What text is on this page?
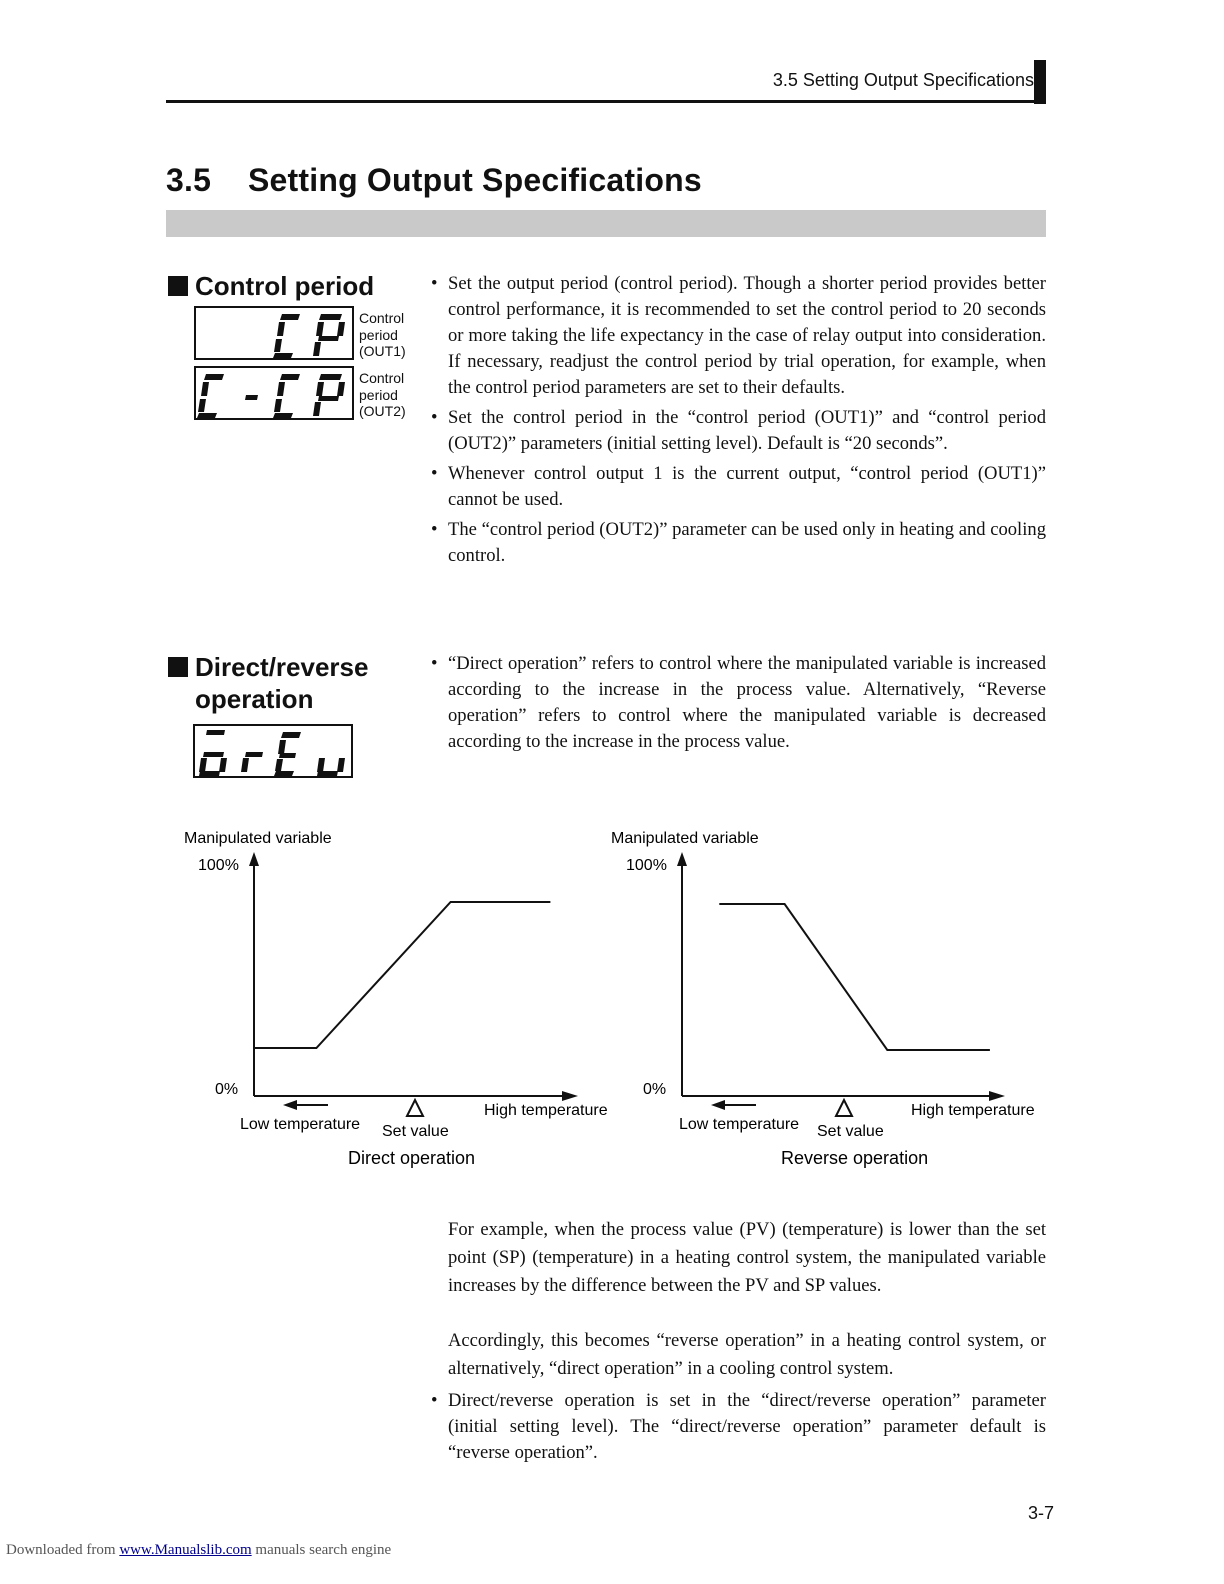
3.5 Setting Output Specifications
3.5 Setting Output Specifications
Control period
Control
period
(OUT1)
Control
period
(OUT2)
• Set the output period (control period). Though a shorter period provides better control performance, it is recommended to set the control period to 20 seconds or more taking the life expectancy in the case of relay output into consideration. If necessary, readjust the control period by trial operation, for example, when the control period parameters are set to their defaults.
• Set the control period in the “control period (OUT1)” and “control period (OUT2)” parameters (initial setting level). Default is “20 seconds”.
• Whenever control output 1 is the current output, “control period (OUT1)” cannot be used.
• The “control period (OUT2)” parameter can be used only in heating and cooling control.
Direct/reverse
operation
• “Direct operation” refers to control where the manipulated variable is increased according to the increase in the process value. Alternatively, “Reverse operation” refers to control where the manipulated variable is decreased according to the increase in the process value.
Manipulated variable
100%
0%
Low temperature Set value
High temperature
Direct operation
Manipulated variable
100%
0%
Low temperature Set value
High temperature
Reverse operation

For example, when the process value (PV) (temperature) is lower than the set point (SP) (temperature) in a heating control system, the manipulated variable increases by the difference between the PV and SP values.

Accordingly, this becomes “reverse operation” in a heating control system, or alternatively, “direct operation” in a cooling control system.

• Direct/reverse operation is set in the “direct/reverse operation” parameter (initial setting level). The “direct/reverse operation” parameter default is “reverse operation”.
3-7
Downloaded from www.Manualslib.com manuals search engine
